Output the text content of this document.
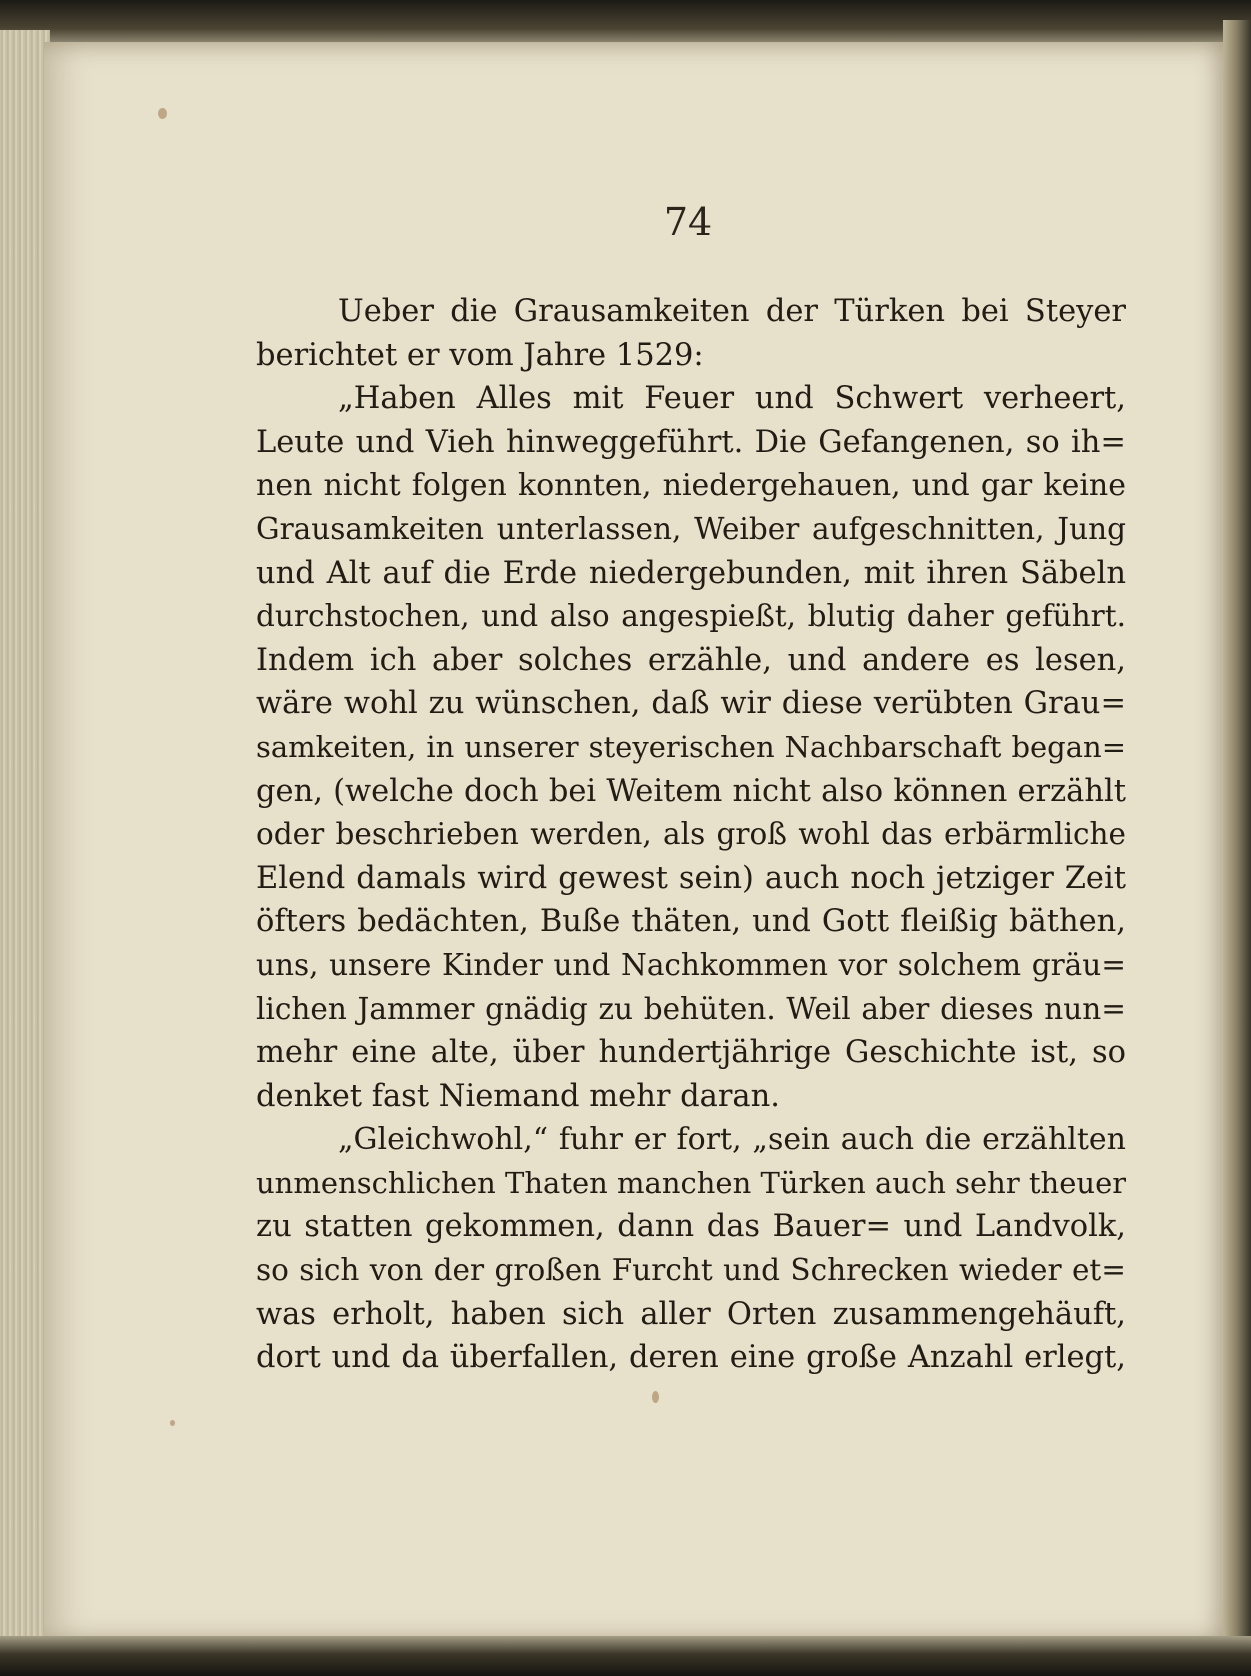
74
Ueber die Grausamkeiten der Türken bei Steyer
berichtet er vom Jahre 1529:
„Haben Alles mit Feuer und Schwert verheert,
Leute und Vieh hinweggeführt. Die Gefangenen, so ih=
nen nicht folgen konnten, niedergehauen, und gar keine
Grausamkeiten unterlassen, Weiber aufgeschnitten, Jung
und Alt auf die Erde niedergebunden, mit ihren Säbeln
durchstochen, und also angespießt, blutig daher geführt.
Indem ich aber solches erzähle, und andere es lesen,
wäre wohl zu wünschen, daß wir diese verübten Grau=
samkeiten, in unserer steyerischen Nachbarschaft began=
gen, (welche doch bei Weitem nicht also können erzählt
oder beschrieben werden, als groß wohl das erbärmliche
Elend damals wird gewest sein) auch noch jetziger Zeit
öfters bedächten, Buße thäten, und Gott fleißig bäthen,
uns, unsere Kinder und Nachkommen vor solchem gräu=
lichen Jammer gnädig zu behüten. Weil aber dieses nun=
mehr eine alte, über hundertjährige Geschichte ist, so
denket fast Niemand mehr daran.
„Gleichwohl,“ fuhr er fort, „sein auch die erzählten
unmenschlichen Thaten manchen Türken auch sehr theuer
zu statten gekommen, dann das Bauer= und Landvolk,
so sich von der großen Furcht und Schrecken wieder et=
was erholt, haben sich aller Orten zusammengehäuft,
dort und da überfallen, deren eine große Anzahl erlegt,
